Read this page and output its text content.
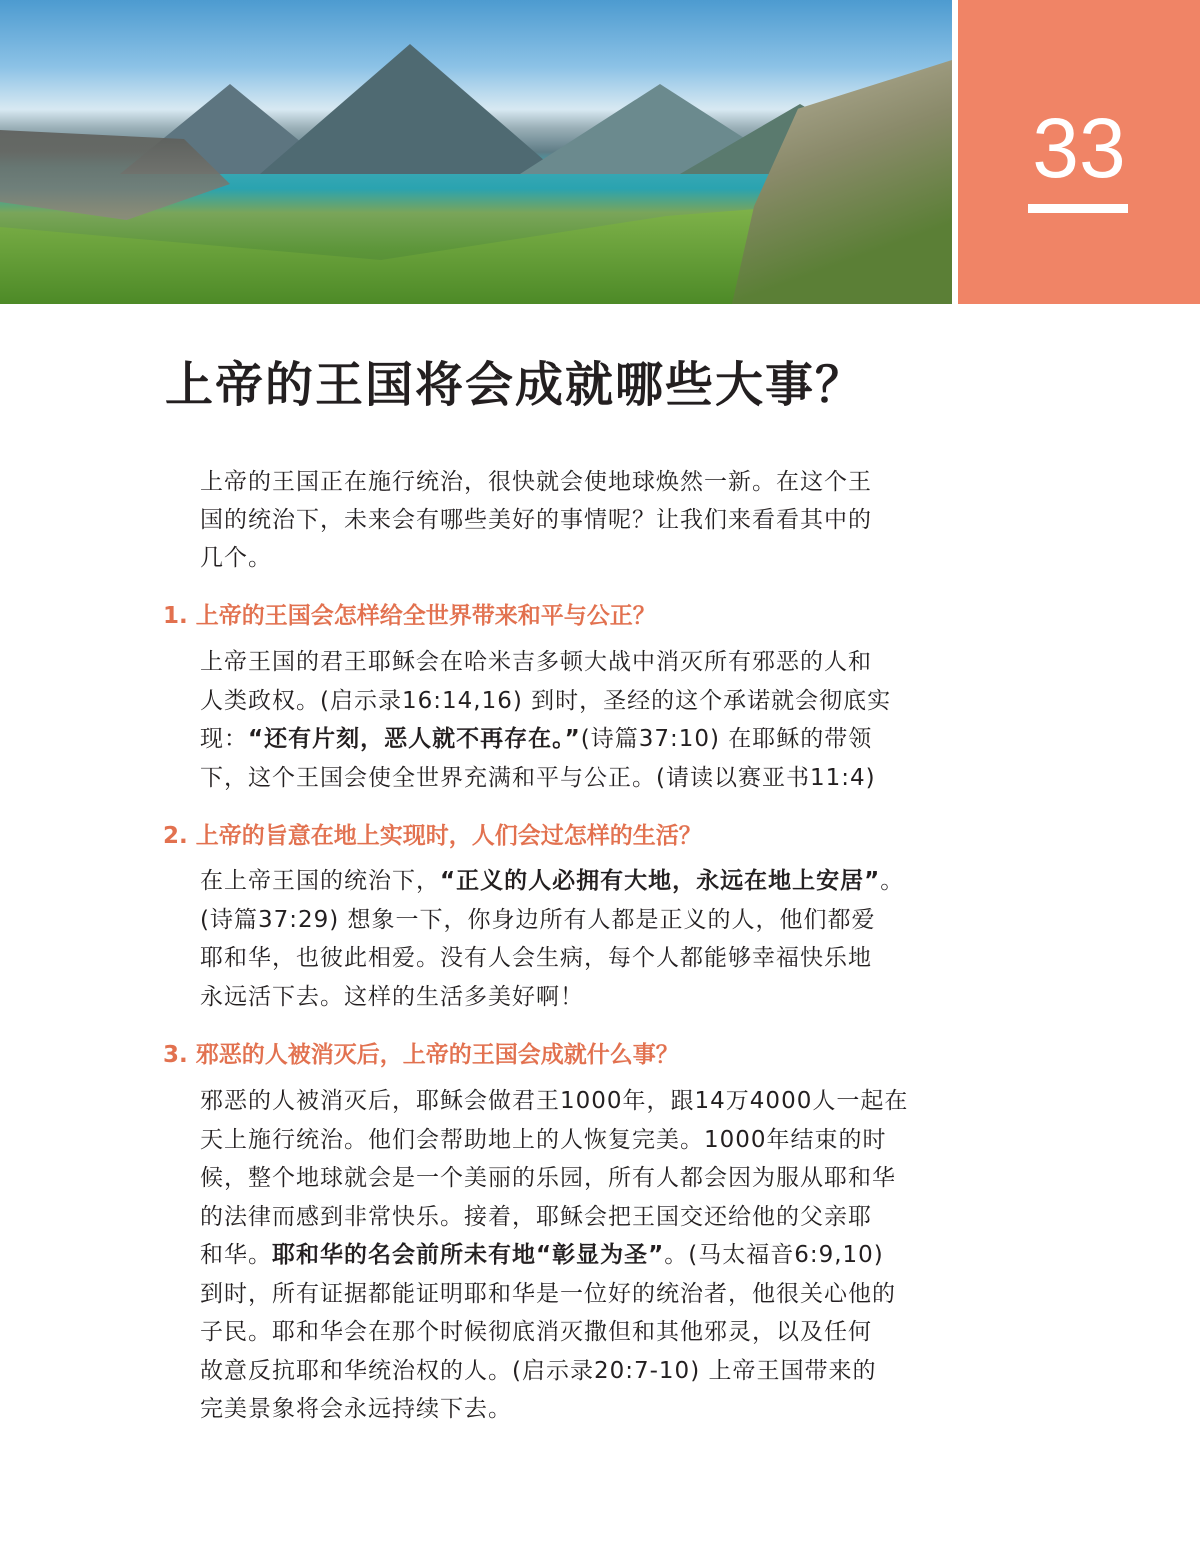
33
上帝的王国将会成就哪些大事？
上帝的王国正在施行统治，很快就会使地球焕然一新。在这个王
国的统治下，未来会有哪些美好的事情呢？让我们来看看其中的
几个。
1. 上帝的王国会怎样给全世界带来和平与公正？
上帝王国的君王耶稣会在哈米吉多顿大战中消灭所有邪恶的人和
人类政权。(启示录16:14,16) 到时，圣经的这个承诺就会彻底实
现：“还有片刻，恶人就不再存在。”(诗篇37:10) 在耶稣的带领
下，这个王国会使全世界充满和平与公正。(请读以赛亚书11:4)
2. 上帝的旨意在地上实现时，人们会过怎样的生活？
在上帝王国的统治下，“正义的人必拥有大地，永远在地上安居”。
(诗篇37:29) 想象一下，你身边所有人都是正义的人，他们都爱
耶和华，也彼此相爱。没有人会生病，每个人都能够幸福快乐地
永远活下去。这样的生活多美好啊！
3. 邪恶的人被消灭后，上帝的王国会成就什么事？
邪恶的人被消灭后，耶稣会做君王1000年，跟14万4000人一起在
天上施行统治。他们会帮助地上的人恢复完美。1000年结束的时
候，整个地球就会是一个美丽的乐园，所有人都会因为服从耶和华
的法律而感到非常快乐。接着，耶稣会把王国交还给他的父亲耶
和华。耶和华的名会前所未有地“彰显为圣”。(马太福音6:9,10)
到时，所有证据都能证明耶和华是一位好的统治者，他很关心他的
子民。耶和华会在那个时候彻底消灭撒但和其他邪灵，以及任何
故意反抗耶和华统治权的人。(启示录20:7-10) 上帝王国带来的
完美景象将会永远持续下去。
